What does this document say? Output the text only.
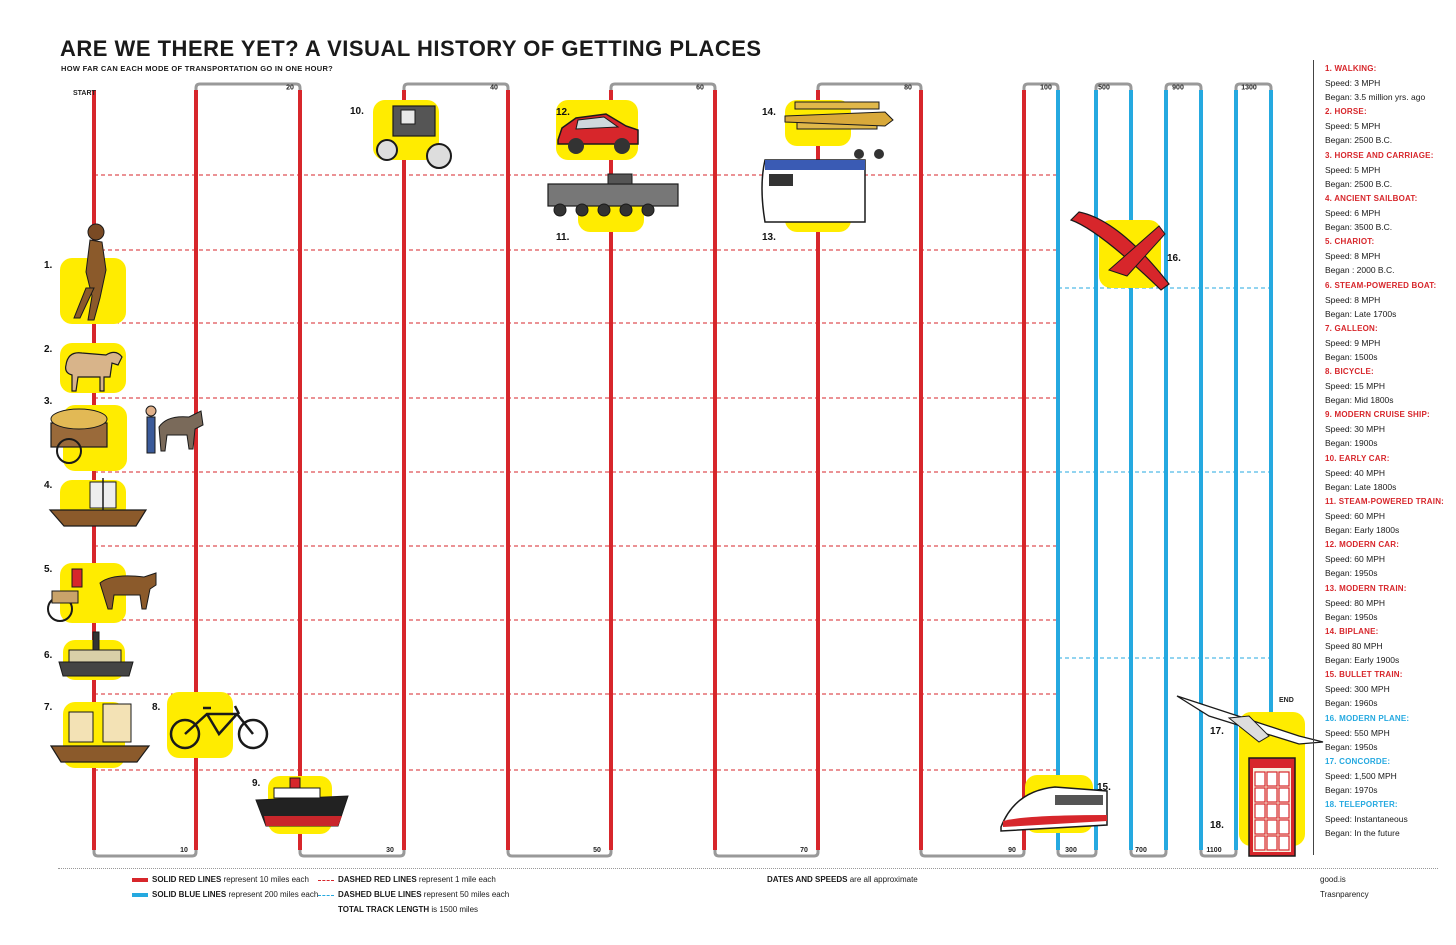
ARE WE THERE YET? A VISUAL HISTORY OF GETTING PLACES
HOW FAR CAN EACH MODE OF TRANSPORTATION GO IN ONE HOUR?
20	40	60	80	100	500	900	1300
10	30	50	70	90	300	700	1100
START
END
1.
2.
3.
4.
5.
6.
7.	8.
9.
10.
11.
12.
13.
14.
15.
16.
17.
18.
1. WALKING:
Speed: 3 MPH
Began: 3.5 million yrs. ago
2. HORSE:
Speed: 5 MPH
Began: 2500 B.C.
3. HORSE AND CARRIAGE:
Speed: 5 MPH
Began: 2500 B.C.
4. ANCIENT SAILBOAT:
Speed: 6 MPH
Began: 3500 B.C.
5. CHARIOT:
Speed: 8 MPH
Began : 2000 B.C.
6. STEAM-POWERED BOAT:
Speed: 8 MPH
Began: Late 1700s
7. GALLEON:
Speed: 9 MPH
Began: 1500s
8. BICYCLE:
Speed: 15 MPH
Began: Mid 1800s
9. MODERN CRUISE SHIP:
Speed: 30 MPH
Began: 1900s
10. EARLY CAR:
Speed: 40 MPH
Began: Late 1800s
11. STEAM-POWERED TRAIN:
Speed: 60 MPH
Began: Early 1800s
12. MODERN CAR:
Speed: 60 MPH
Began: 1950s
13. MODERN TRAIN:
Speed: 80 MPH
Began: 1950s
14. BIPLANE:
Speed 80 MPH
Began: Early 1900s
15. BULLET TRAIN:
Speed: 300 MPH
Began: 1960s
16. MODERN PLANE:
Speed: 550 MPH
Began: 1950s
17. CONCORDE:
Speed: 1,500 MPH
Began: 1970s
18. TELEPORTER:
Speed: Instantaneous
Began: In the future
SOLID RED LINES represent 10 miles each
SOLID BLUE LINES represent 200 miles each
DASHED RED LINES represent 1 mile each
DASHED BLUE LINES represent 50 miles each
TOTAL TRACK LENGTH is 1500 miles
DATES AND SPEEDS are all approximate	good.is
Trasnparency
